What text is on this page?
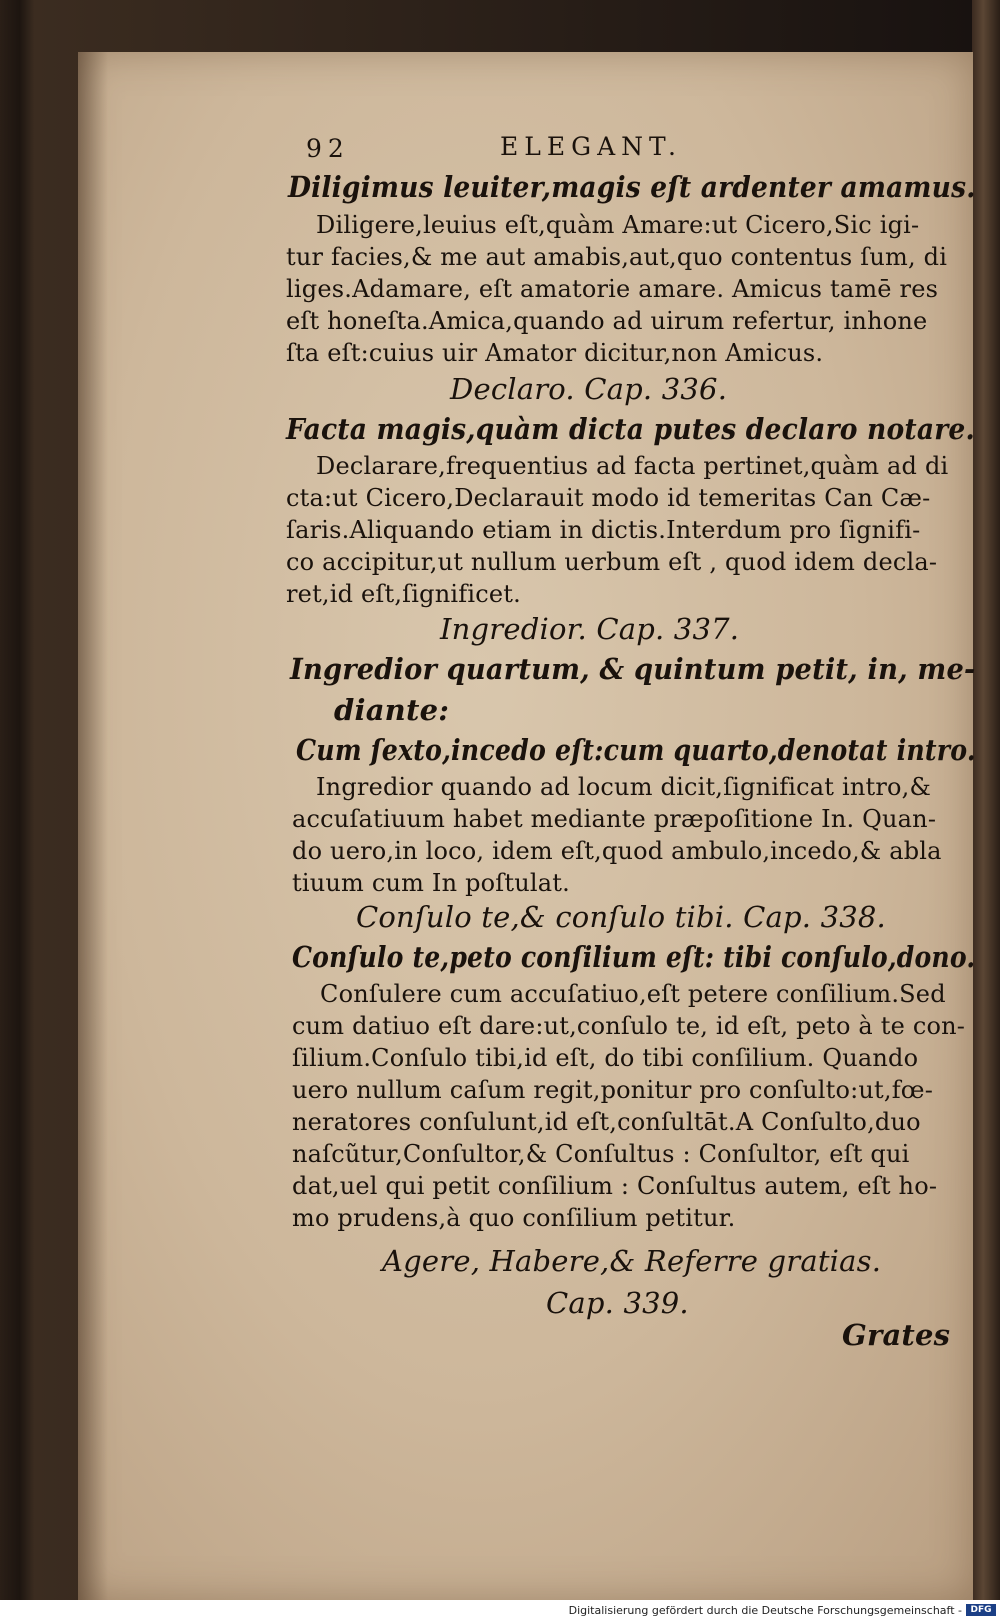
92	ELEGANT.
Diligimus leuiter,magis eſt ardenter amamus.
Diligere,leuius eſt,quàm Amare:ut Cicero,Sic igi-
tur facies,& me aut amabis,aut,quo contentus ſum, di
liges.Adamare, eſt amatorie amare. Amicus tamē res
eſt honeſta.Amica,quando ad uirum refertur, inhone
ſta eſt:cuius uir Amator dicitur,non Amicus.
Declaro. Cap. 336.
Facta magis,quàm dicta putes declaro notare.
Declarare,frequentius ad facta pertinet,quàm ad di
cta:ut Cicero,Declarauit modo id temeritas Can Cæ-
ſaris.Aliquando etiam in dictis.Interdum pro ſignifi-
co accipitur,ut nullum uerbum eſt , quod idem decla-
ret,id eſt,ſignificet.
Ingredior. Cap. 337.
Ingredior quartum, & quintum petit, in, me-
diante:
Cum ſexto,incedo eſt:cum quarto,denotat intro.
Ingredior quando ad locum dicit,ſignificat intro,&
accuſatiuum habet mediante præpoſitione In. Quan-
do uero,in loco, idem eſt,quod ambulo,incedo,& abla
tiuum cum In poſtulat.
Conſulo te,& conſulo tibi. Cap. 338.
Conſulo te,peto conſilium eſt: tibi conſulo,dono.
Conſulere cum accuſatiuo,eſt petere conſilium.Sed
cum datiuo eſt dare:ut,conſulo te, id eſt, peto à te con-
ſilium.Conſulo tibi,id eſt, do tibi conſilium. Quando
uero nullum caſum regit,ponitur pro conſulto:ut,fœ-
neratores conſulunt,id eſt,conſultāt.A Conſulto,duo
naſcũtur,Conſultor,& Conſultus : Conſultor, eſt qui
dat,uel qui petit conſilium : Conſultus autem, eſt ho-
mo prudens,à quo conſilium petitur.
Agere, Habere,& Referre gratias.
Cap. 339.
Grates
Digitalisierung gefördert durch die Deutsche Forschungsgemeinschaft - DFG
